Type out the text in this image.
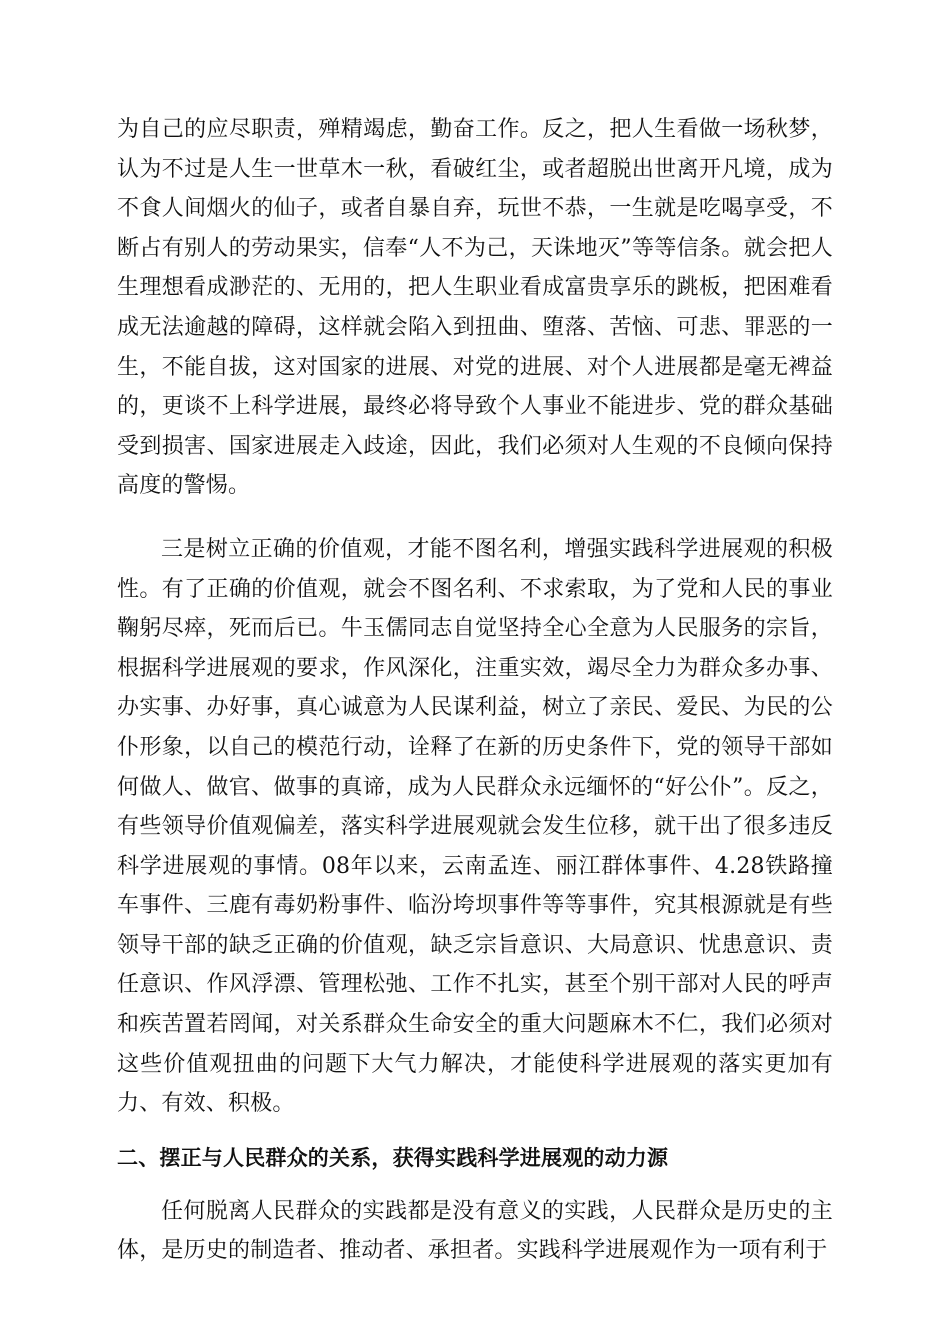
为自己的应尽职责，殚精竭虑，勤奋工作。反之，把人生看做一场秋梦，认为不过是人生一世草木一秋，看破红尘，或者超脱出世离开凡境，成为不食人间烟火的仙子，或者自暴自弃，玩世不恭，一生就是吃喝享受，不断占有别人的劳动果实，信奉“人不为己，天诛地灭”等等信条。就会把人生理想看成渺茫的、无用的，把人生职业看成富贵享乐的跳板，把困难看成无法逾越的障碍，这样就会陷入到扭曲、堕落、苦恼、可悲、罪恶的一生，不能自拔，这对国家的进展、对党的进展、对个人进展都是毫无裨益的，更谈不上科学进展，最终必将导致个人事业不能进步、党的群众基础受到损害、国家进展走入歧途，因此，我们必须对人生观的不良倾向保持高度的警惕。

三是树立正确的价值观，才能不图名利，增强实践科学进展观的积极性。有了正确的价值观，就会不图名利、不求索取，为了党和人民的事业鞠躬尽瘁，死而后已。牛玉儒同志自觉坚持全心全意为人民服务的宗旨，根据科学进展观的要求，作风深化，注重实效，竭尽全力为群众多办事、办实事、办好事，真心诚意为人民谋利益，树立了亲民、爱民、为民的公仆形象，以自己的模范行动，诠释了在新的历史条件下，党的领导干部如何做人、做官、做事的真谛，成为人民群众永远缅怀的“好公仆”。反之，有些领导价值观偏差，落实科学进展观就会发生位移，就干出了很多违反科学进展观的事情。08年以来，云南孟连、丽江群体事件、4.28铁路撞车事件、三鹿有毒奶粉事件、临汾垮坝事件等等事件，究其根源就是有些领导干部的缺乏正确的价值观，缺乏宗旨意识、大局意识、忧患意识、责任意识、作风浮漂、管理松弛、工作不扎实，甚至个别干部对人民的呼声和疾苦置若罔闻，对关系群众生命安全的重大问题麻木不仁，我们必须对这些价值观扭曲的问题下大气力解决，才能使科学进展观的落实更加有力、有效、积极。

二、摆正与人民群众的关系，获得实践科学进展观的动力源

任何脱离人民群众的实践都是没有意义的实践，人民群众是历史的主体，是历史的制造者、推动者、承担者。实践科学进展观作为一项有利于
